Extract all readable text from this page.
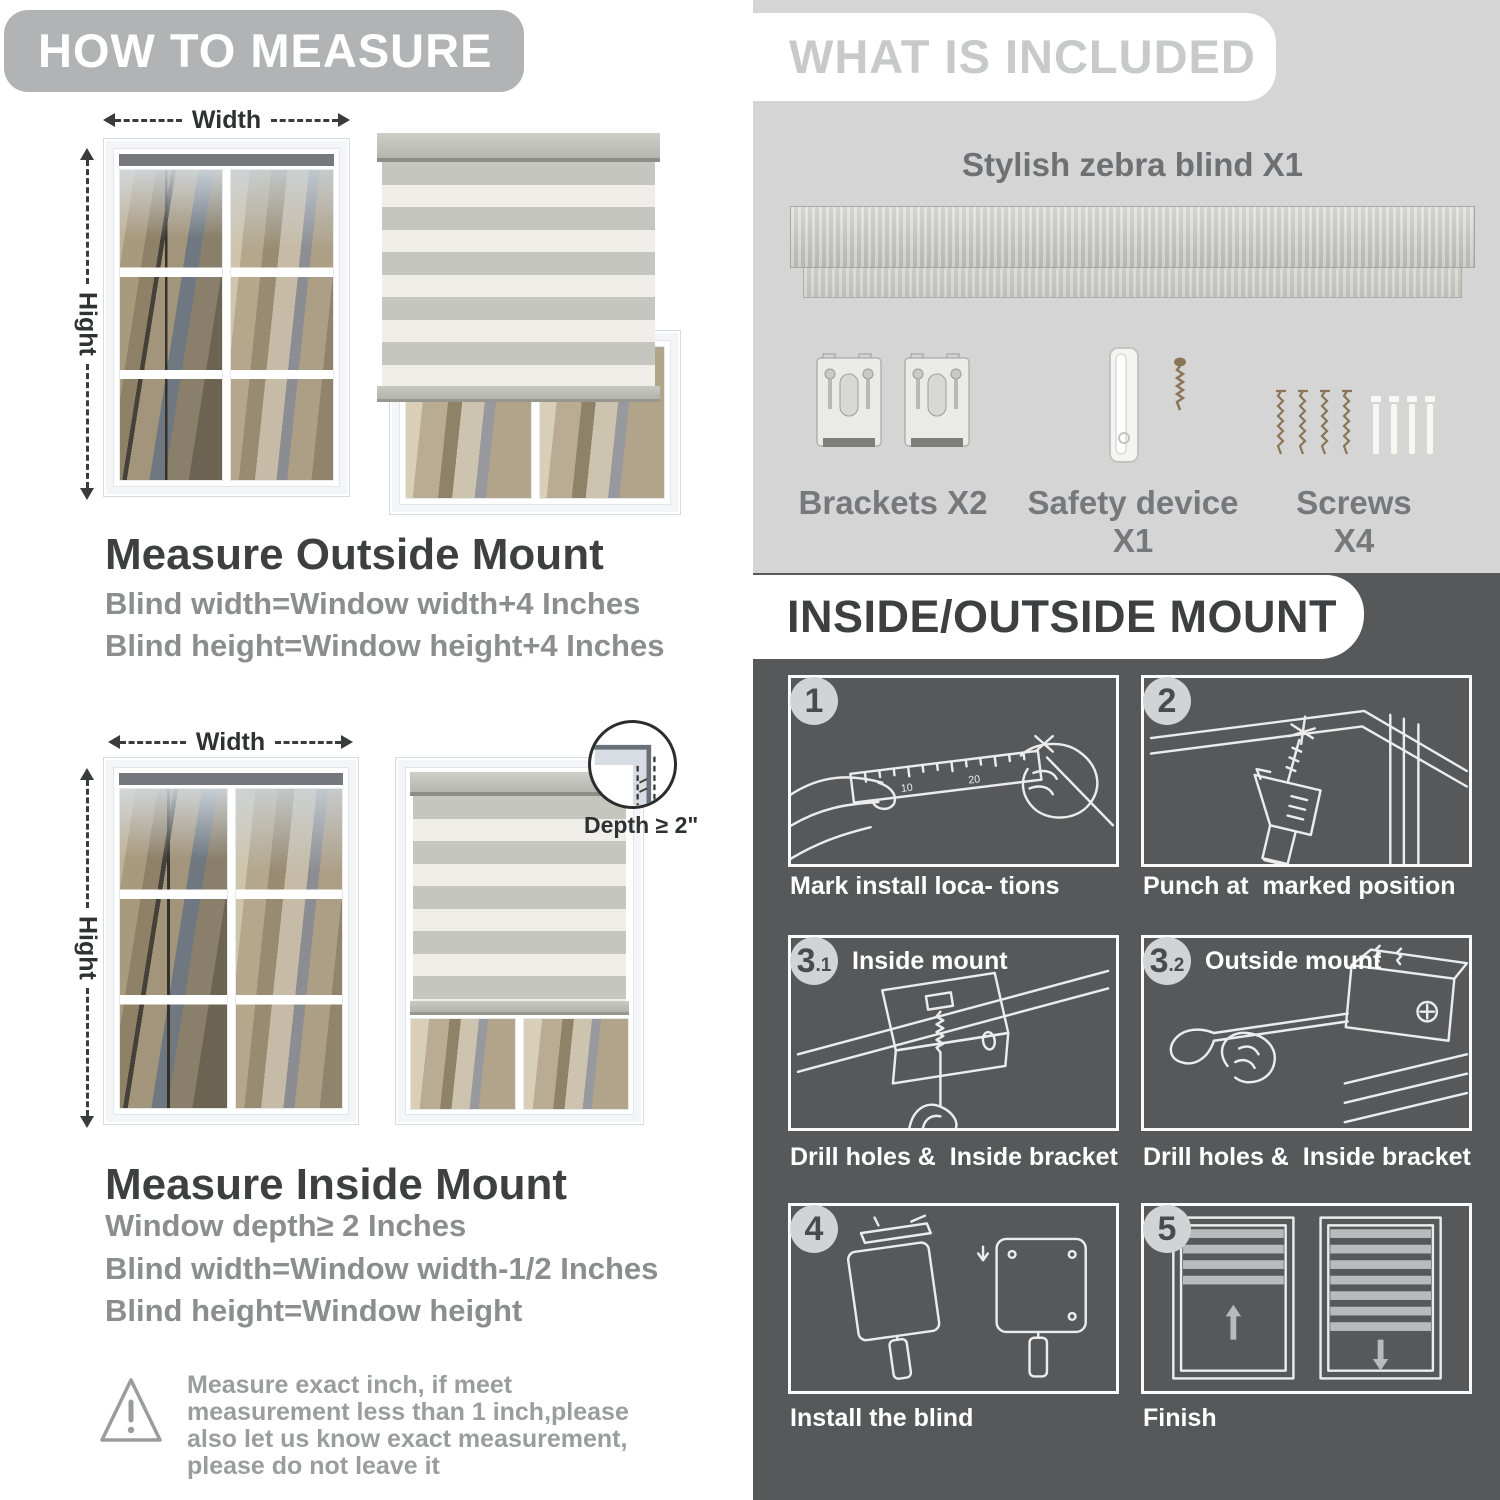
HOW TO MEASURE
Width
Hight
Measure Outside Mount
Blind width=Window width+4 Inches
Blind height=Window height+4 Inches
Width
Hight
Depth ≥ 2"
Measure Inside Mount
Window depth≥ 2 Inches
Blind width=Window width-1/2 Inches
Blind height=Window height
Measure exact inch, if meet measurement less than 1 inch,please also let us know exact measurement, please do not leave it
WHAT IS INCLUDED
Stylish zebra blind X1
Brackets X2	Safety device X1
Screws X4
INSIDE/OUTSIDE MOUNT
10
20
Mark install loca- tions	Punch at  marked position
Drill holes &  Inside bracket Drill holes &  Inside bracket
Install the blind	Finish
1	2
3 .1	3 .2
4	5
Inside mount	Outside mount
